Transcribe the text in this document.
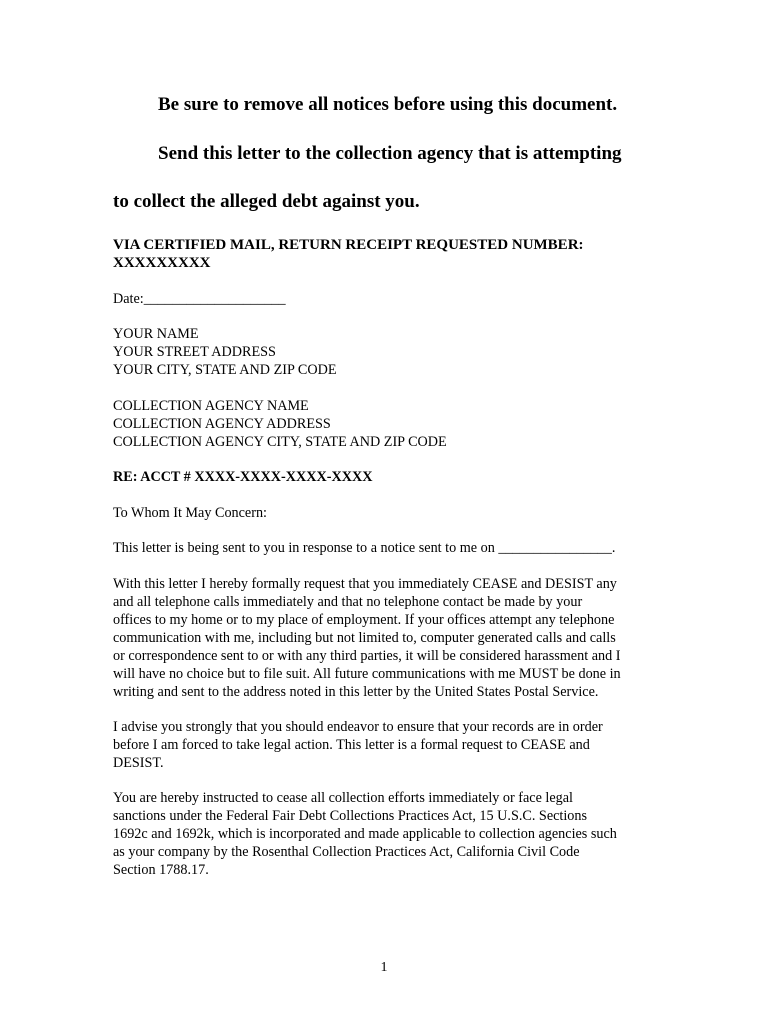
Be sure to remove all notices before using this document.
Send this letter to the collection agency that is attempting
to collect the alleged debt against you.
VIA CERTIFIED MAIL, RETURN RECEIPT REQUESTED NUMBER:
XXXXXXXXX
Date:____________________
YOUR NAME
YOUR STREET ADDRESS
YOUR CITY, STATE AND ZIP CODE
COLLECTION AGENCY NAME
COLLECTION AGENCY ADDRESS
COLLECTION AGENCY CITY, STATE AND ZIP CODE
RE: ACCT # XXXX-XXXX-XXXX-XXXX
To Whom It May Concern:
This letter is being sent to you in response to a notice sent to me on ________________.
With this letter I hereby formally request that you immediately CEASE and DESIST any
and all telephone calls immediately and that no telephone contact be made by your
offices to my home or to my place of employment. If your offices attempt any telephone
communication with me, including but not limited to, computer generated calls and calls
or correspondence sent to or with any third parties, it will be considered harassment and I
will have no choice but to file suit. All future communications with me MUST be done in
writing and sent to the address noted in this letter by the United States Postal Service.
I advise you strongly that you should endeavor to ensure that your records are in order
before I am forced to take legal action. This letter is a formal request to CEASE and
DESIST.
You are hereby instructed to cease all collection efforts immediately or face legal
sanctions under the Federal Fair Debt Collections Practices Act, 15 U.S.C. Sections
1692c and 1692k, which is incorporated and made applicable to collection agencies such
as your company by the Rosenthal Collection Practices Act, California Civil Code
Section 1788.17.
1
